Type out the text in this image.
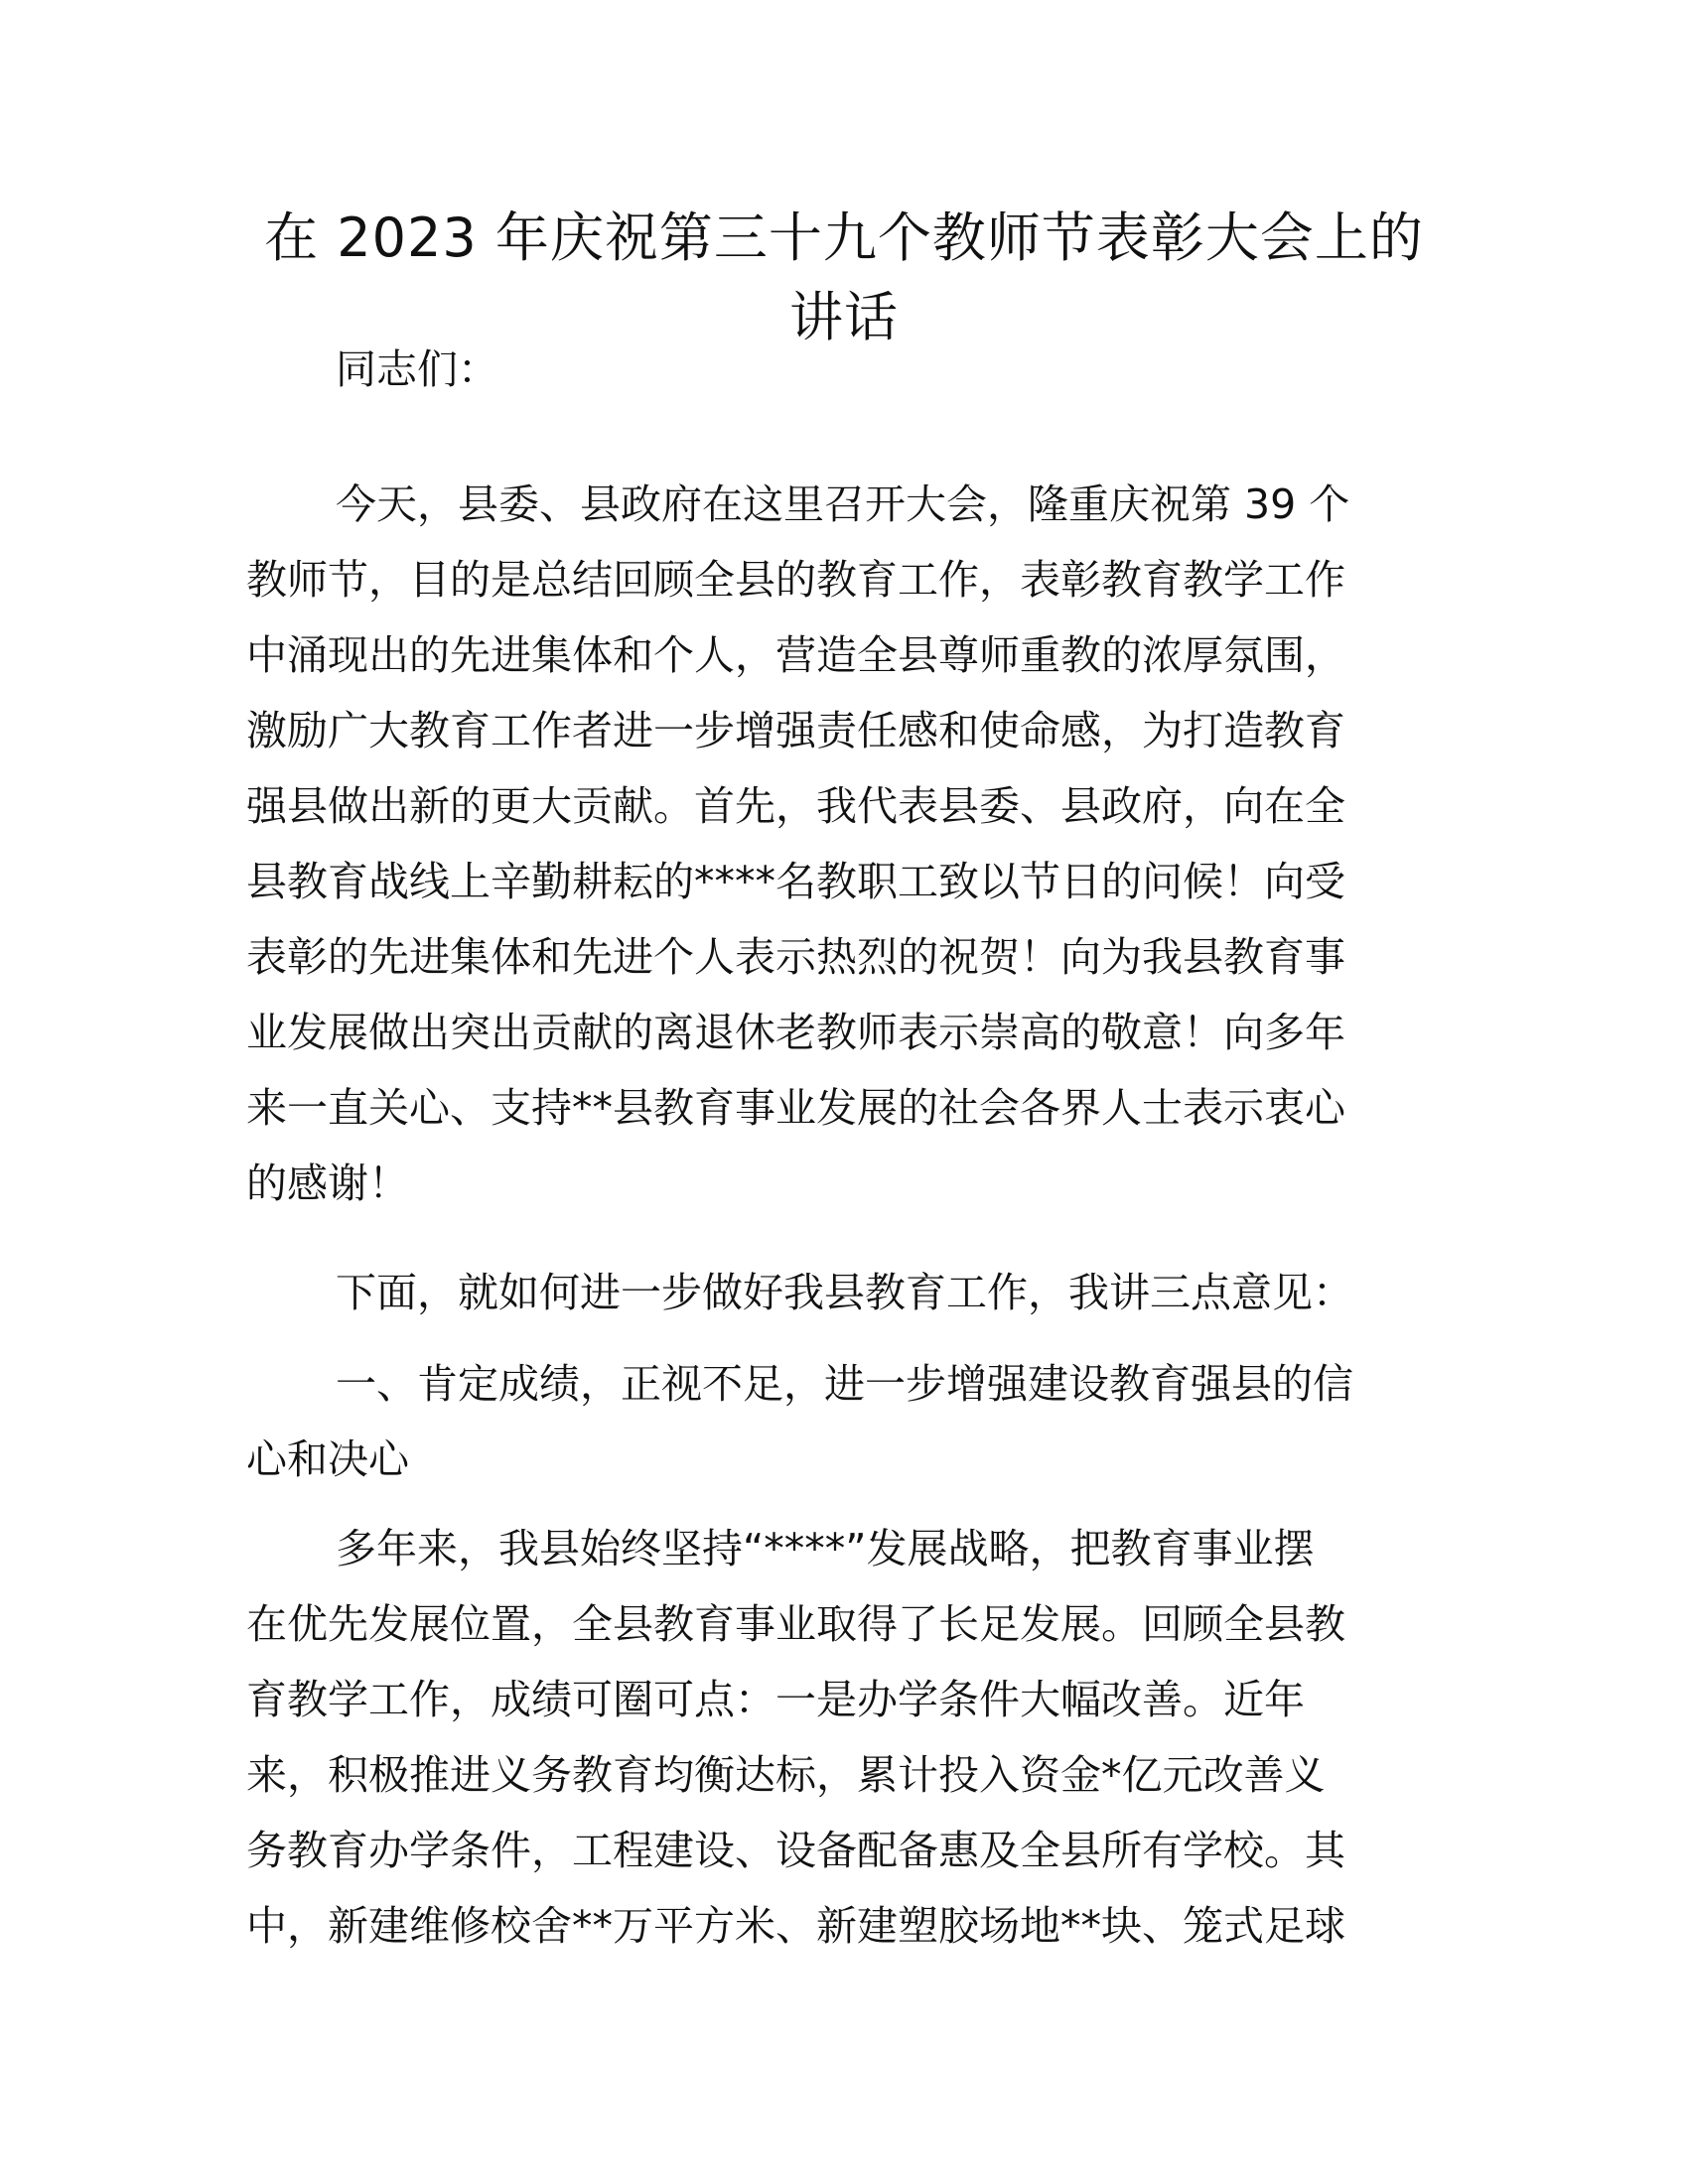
在 2023 年庆祝第三十九个教师节表彰大会上的
讲话
同志们：
今天，县委、县政府在这里召开大会，隆重庆祝第 39 个
教师节，目的是总结回顾全县的教育工作，表彰教育教学工作
中涌现出的先进集体和个人，营造全县尊师重教的浓厚氛围，
激励广大教育工作者进一步增强责任感和使命感，为打造教育
强县做出新的更大贡献。首先，我代表县委、县政府，向在全
县教育战线上辛勤耕耘的****名教职工致以节日的问候！向受
表彰的先进集体和先进个人表示热烈的祝贺！向为我县教育事
业发展做出突出贡献的离退休老教师表示崇高的敬意！向多年
来一直关心、支持**县教育事业发展的社会各界人士表示衷心
的感谢！
下面，就如何进一步做好我县教育工作，我讲三点意见：
一、肯定成绩，正视不足，进一步增强建设教育强县的信
心和决心
多年来，我县始终坚持“****”发展战略，把教育事业摆
在优先发展位置，全县教育事业取得了长足发展。回顾全县教
育教学工作，成绩可圈可点：一是办学条件大幅改善。近年
来，积极推进义务教育均衡达标，累计投入资金*亿元改善义
务教育办学条件，工程建设、设备配备惠及全县所有学校。其
中，新建维修校舍**万平方米、新建塑胶场地**块、笼式足球
